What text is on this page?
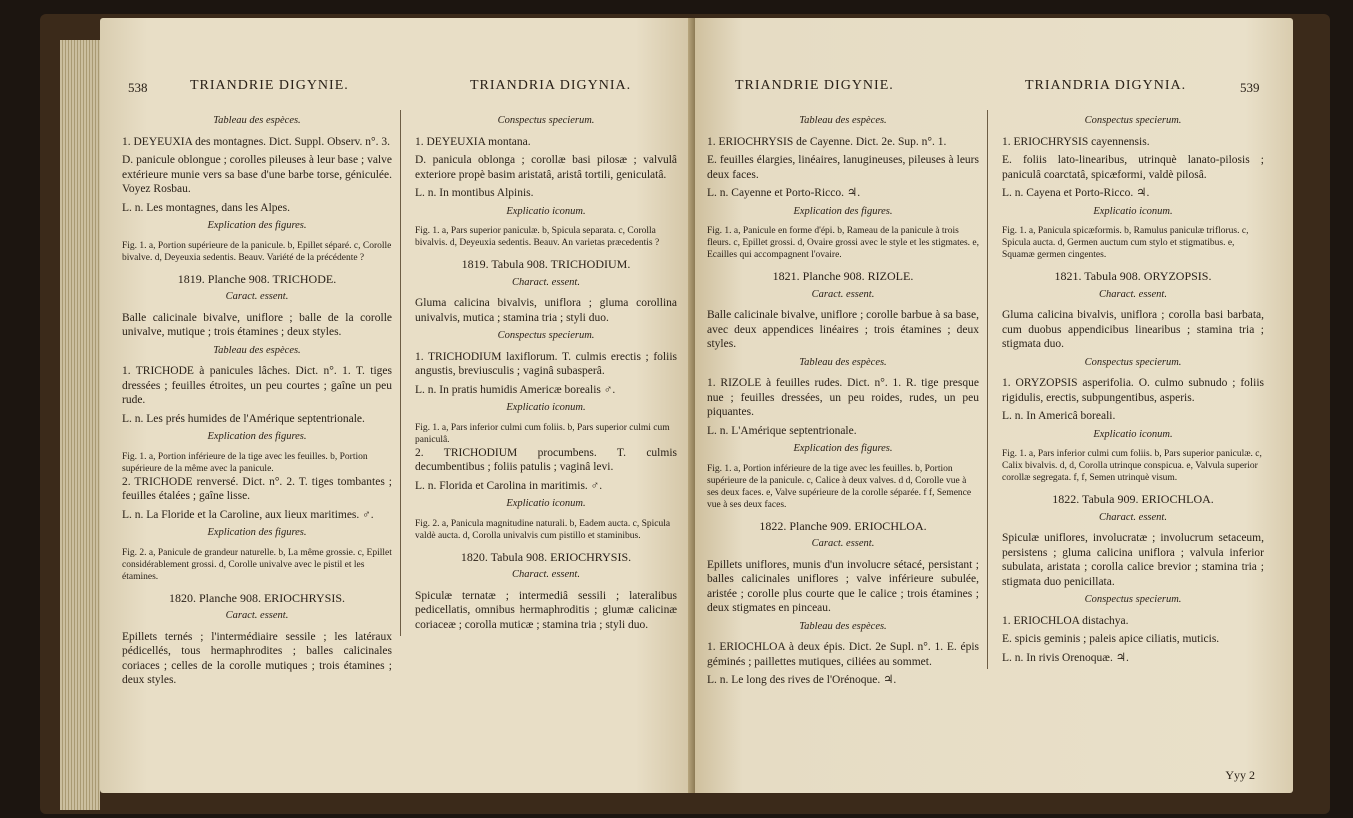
538	TRIANDRIE DIGYNIE.	TRIANDRIA DIGYNIA.
Tableau des espèces.

1. DEYEUXIA des montagnes. Dict. Suppl. Observ. n°. 3.

D. panicule oblongue ; corolles pileuses à leur base ; valve extérieure munie vers sa base d'une barbe torse, géniculée. Voyez Rosbau.

L. n. Les montagnes, dans les Alpes.

Explication des figures.
Fig. 1. a, Portion supérieure de la panicule. b, Epillet séparé. c, Corolle bivalve. d, Deyeuxia sedentis. Beauv. Variété de la précédente ?
1819. Planche 908. TRICHODE.
Caract. essent.

Balle calicinale bivalve, uniflore ; balle de la corolle univalve, mutique ; trois étamines ; deux styles.

Tableau des espèces.

1. TRICHODE à panicules lâches. Dict. n°. 1. T. tiges dressées ; feuilles étroites, un peu courtes ; gaîne un peu rude.

L. n. Les prés humides de l'Amérique septentrionale.

Explication des figures.
Fig. 1. a, Portion inférieure de la tige avec les feuilles. b, Portion supérieure de la même avec la panicule.

2. TRICHODE renversé. Dict. n°. 2. T. tiges tombantes ; feuilles étalées ; gaîne lisse.

L. n. La Floride et la Caroline, aux lieux maritimes. ♂.

Explication des figures.
Fig. 2. a, Panicule de grandeur naturelle. b, La même grossie. c, Epillet considérablement grossi. d, Corolle univalve avec le pistil et les étamines.
1820. Planche 908. ERIOCHRYSIS.
Caract. essent.

Epillets ternés ; l'intermédiaire sessile ; les latéraux pédicellés, tous hermaphrodites ; balles calicinales coriaces ; celles de la corolle mutiques ; trois étamines ; deux styles.

Conspectus specierum.

1. DEYEUXIA montana.

D. panicula oblonga ; corollæ basi pilosæ ; valvulâ exteriore propè basim aristatâ, aristâ tortili, geniculatâ.

L. n. In montibus Alpinis.

Explicatio iconum.
Fig. 1. a, Pars superior paniculæ. b, Spicula separata. c, Corolla bivalvis. d, Deyeuxia sedentis. Beauv. An varietas præcedentis ?
1819. Tabula 908. TRICHODIUM.
Charact. essent.

Gluma calicina bivalvis, uniflora ; gluma corollina univalvis, mutica ; stamina tria ; styli duo.

Conspectus specierum.

1. TRICHODIUM laxiflorum. T. culmis erectis ; foliis angustis, breviusculis ; vaginâ subasperâ.

L. n. In pratis humidis Americæ borealis ♂.

Explicatio iconum.
Fig. 1. a, Pars inferior culmi cum foliis. b, Pars superior culmi cum paniculâ.

2. TRICHODIUM procumbens. T. culmis decumbentibus ; foliis patulis ; vaginâ levi.

L. n. Florida et Carolina in maritimis. ♂.

Explicatio iconum.
Fig. 2. a, Panicula magnitudine naturali. b, Eadem aucta. c, Spicula valdè aucta. d, Corolla univalvis cum pistillo et staminibus.
1820. Tabula 908. ERIOCHRYSIS.
Charact. essent.

Spiculæ ternatæ ; intermediâ sessili ; lateralibus pedicellatis, omnibus hermaphroditis ; glumæ calicinæ coriaceæ ; corolla muticæ ; stamina tria ; styli duo.

TRIANDRIE DIGYNIE.	TRIANDRIA DIGYNIA.	539
Tableau des espèces.

1. ERIOCHRYSIS de Cayenne. Dict. 2e. Sup. n°. 1.

E. feuilles élargies, linéaires, lanugineuses, pileuses à leurs deux faces.

L. n. Cayenne et Porto-Ricco. ♃.

Explication des figures.
Fig. 1. a, Panicule en forme d'épi. b, Rameau de la panicule à trois fleurs. c, Epillet grossi. d, Ovaire grossi avec le style et les stigmates. e, Ecailles qui accompagnent l'ovaire.
1821. Planche 908. RIZOLE.
Caract. essent.

Balle calicinale bivalve, uniflore ; corolle barbue à sa base, avec deux appendices linéaires ; trois étamines ; deux styles.

Tableau des espèces.

1. RIZOLE à feuilles rudes. Dict. n°. 1. R. tige presque nue ; feuilles dressées, un peu roides, rudes, un peu piquantes.

L. n. L'Amérique septentrionale.

Explication des figures.
Fig. 1. a, Portion inférieure de la tige avec les feuilles. b, Portion supérieure de la panicule. c, Calice à deux valves. d d, Corolle vue à ses deux faces. e, Valve supérieure de la corolle séparée. f f, Semence vue à ses deux faces.
1822. Planche 909. ERIOCHLOA.
Caract. essent.

Epillets uniflores, munis d'un involucre sétacé, persistant ; balles calicinales uniflores ; valve inférieure subulée, aristée ; corolle plus courte que le calice ; trois étamines ; deux stigmates en pinceau.

Tableau des espèces.

1. ERIOCHLOA à deux épis. Dict. 2e Supl. n°. 1. E. épis géminés ; paillettes mutiques, ciliées au sommet.

L. n. Le long des rives de l'Orénoque. ♃.

Conspectus specierum.

1. ERIOCHRYSIS cayennensis.

E. foliis lato-linearibus, utrinquè lanato-pilosis ; paniculâ coarctatâ, spicæformi, valdè pilosâ.

L. n. Cayena et Porto-Ricco. ♃.

Explicatio iconum.
Fig. 1. a, Panicula spicæformis. b, Ramulus paniculæ triflorus. c, Spicula aucta. d, Germen auctum cum stylo et stigmatibus. e, Squamæ germen cingentes.
1821. Tabula 908. ORYZOPSIS.
Charact. essent.

Gluma calicina bivalvis, uniflora ; corolla basi barbata, cum duobus appendicibus linearibus ; stamina tria ; stigmata duo.

Conspectus specierum.

1. ORYZOPSIS asperifolia. O. culmo subnudo ; foliis rigidulis, erectis, subpungentibus, asperis.

L. n. In Americâ boreali.

Explicatio iconum.
Fig. 1. a, Pars inferior culmi cum foliis. b, Pars superior paniculæ. c, Calix bivalvis. d, d, Corolla utrinque conspicua. e, Valvula superior corollæ segregata. f, f, Semen utrinquè visum.
1822. Tabula 909. ERIOCHLOA.
Charact. essent.

Spiculæ uniflores, involucratæ ; involucrum setaceum, persistens ; gluma calicina uniflora ; valvula inferior subulata, aristata ; corolla calice brevior ; stamina tria ; stigmata duo penicillata.

Conspectus specierum.

1. ERIOCHLOA distachya.

E. spicis geminis ; paleis apice ciliatis, muticis.

L. n. In rivis Orenoquæ. ♃.

Yyy 2
